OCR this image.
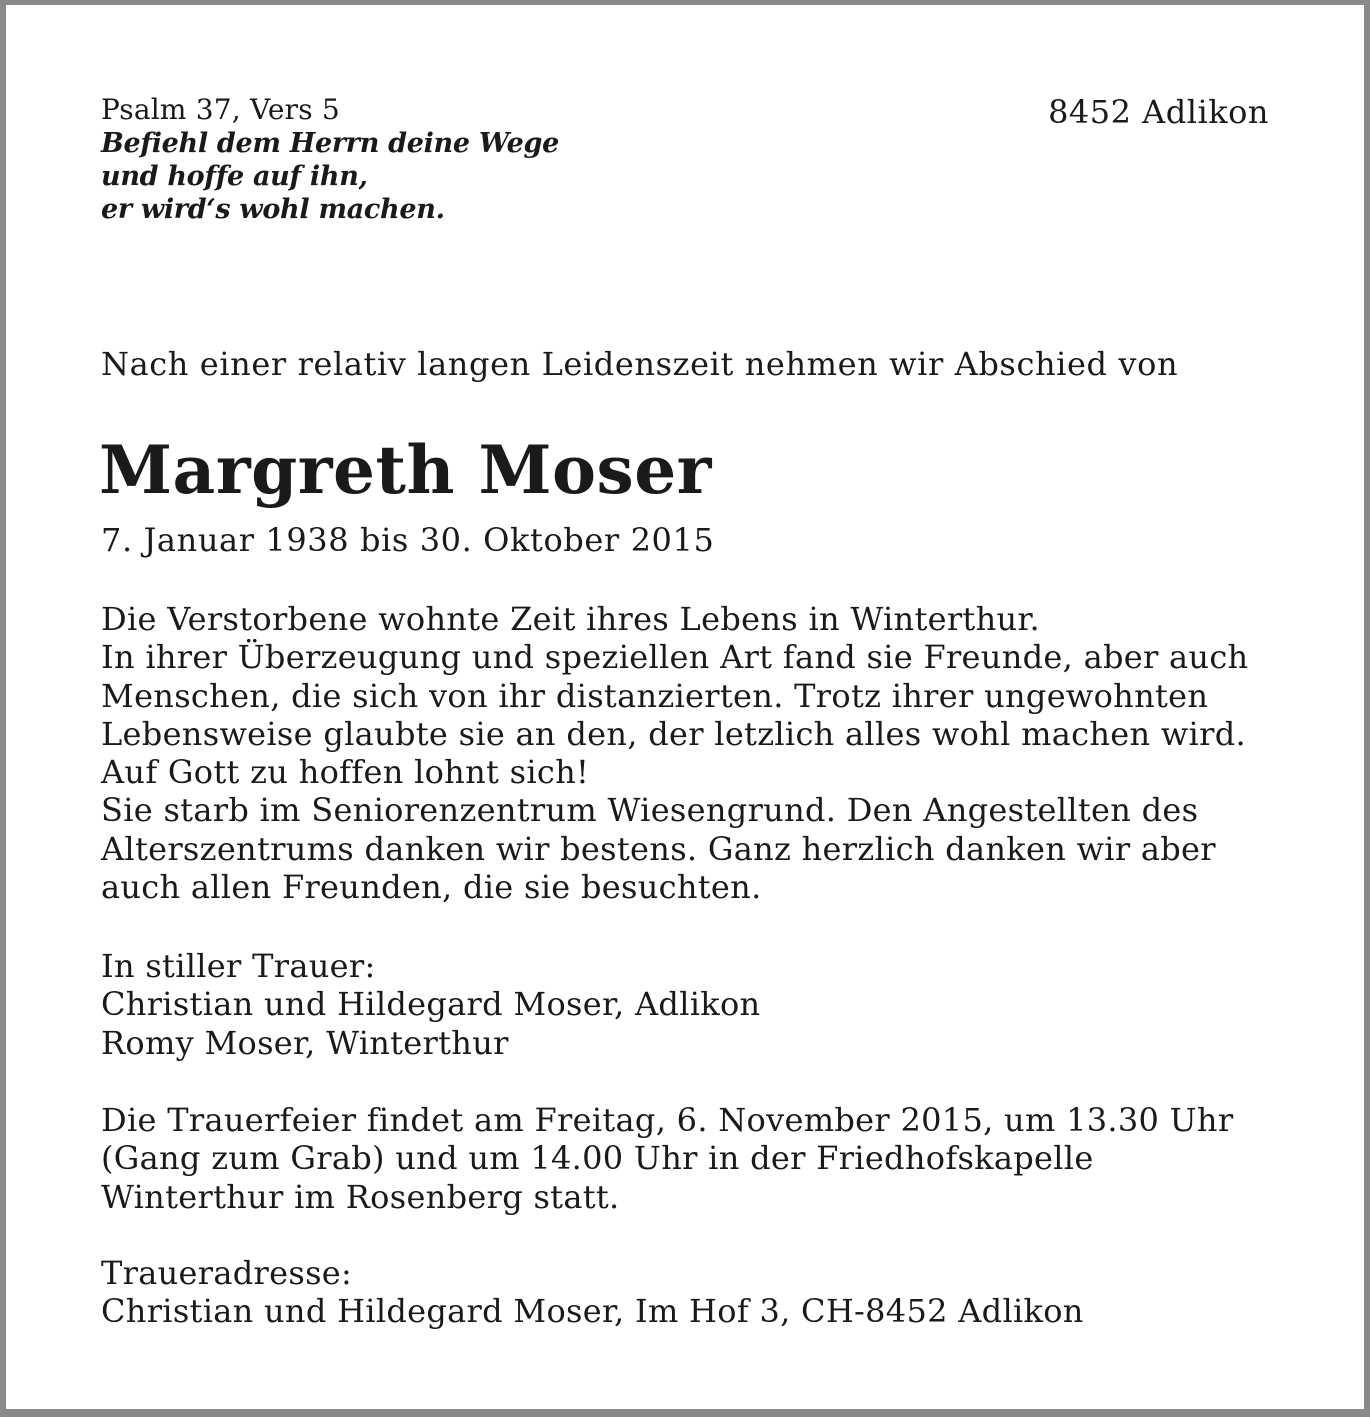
Psalm 37, Vers 5
Befiehl dem Herrn deine Wege
und hoffe auf ihn,
er wird‘s wohl machen.
8452 Adlikon
Nach einer relativ langen Leidenszeit nehmen wir Abschied von
Margreth Moser
7. Januar 1938 bis 30. Oktober 2015
Die Verstorbene wohnte Zeit ihres Lebens in Winterthur.
In ihrer Überzeugung und speziellen Art fand sie Freunde, aber auch
Menschen, die sich von ihr distanzierten. Trotz ihrer ungewohnten
Lebensweise glaubte sie an den, der letzlich alles wohl machen wird.
Auf Gott zu hoffen lohnt sich!
Sie starb im Seniorenzentrum Wiesengrund. Den Angestellten des
Alterszentrums danken wir bestens. Ganz herzlich danken wir aber
auch allen Freunden, die sie besuchten.
In stiller Trauer:
Christian und Hildegard Moser, Adlikon
Romy Moser, Winterthur
Die Trauerfeier findet am Freitag, 6. November 2015, um 13.30 Uhr
(Gang zum Grab) und um 14.00 Uhr in der Friedhofskapelle
Winterthur im Rosenberg statt.
Traueradresse:
Christian und Hildegard Moser, Im Hof 3, CH-8452 Adlikon
